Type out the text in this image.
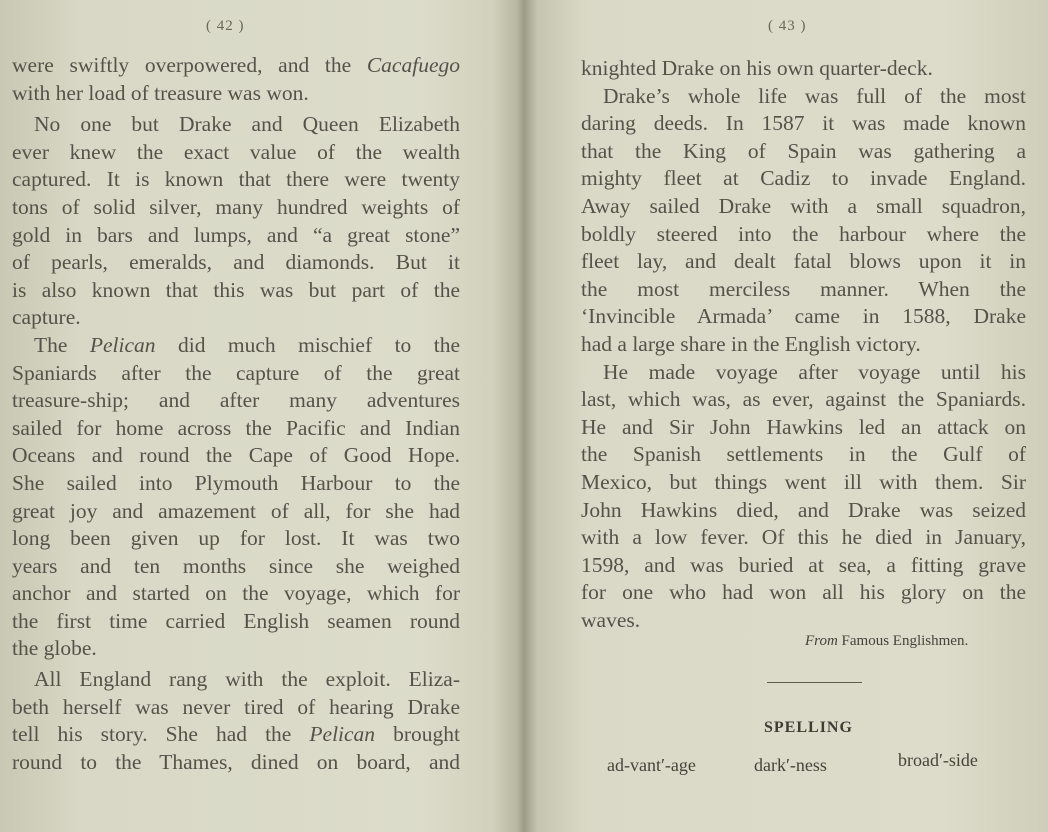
( 42 )
were swiftly overpowered, and the Cacafuego
with her load of treasure was won.
No one but Drake and Queen Elizabeth
ever knew the exact value of the wealth
captured. It is known that there were twenty
tons of solid silver, many hundred weights of
gold in bars and lumps, and “a great stone”
of pearls, emeralds, and diamonds. But it
is also known that this was but part of the
capture.
The Pelican did much mischief to the
Spaniards after the capture of the great
treasure-ship; and after many adventures
sailed for home across the Pacific and Indian
Oceans and round the Cape of Good Hope.
She sailed into Plymouth Harbour to the
great joy and amazement of all, for she had
long been given up for lost. It was two
years and ten months since she weighed
anchor and started on the voyage, which for
the first time carried English seamen round
the globe.
All England rang with the exploit. Eliza-
beth herself was never tired of hearing Drake
tell his story. She had the Pelican brought
round to the Thames, dined on board, and
( 43 )
knighted Drake on his own quarter-deck.
Drake’s whole life was full of the most
daring deeds. In 1587 it was made known
that the King of Spain was gathering a
mighty fleet at Cadiz to invade England.
Away sailed Drake with a small squadron,
boldly steered into the harbour where the
fleet lay, and dealt fatal blows upon it in
the most merciless manner. When the
‘Invincible Armada’ came in 1588, Drake
had a large share in the English victory.
He made voyage after voyage until his
last, which was, as ever, against the Spaniards.
He and Sir John Hawkins led an attack on
the Spanish settlements in the Gulf of
Mexico, but things went ill with them. Sir
John Hawkins died, and Drake was seized
with a low fever. Of this he died in January,
1598, and was buried at sea, a fitting grave
for one who had won all his glory on the
waves.
From Famous Englishmen.
SPELLING
ad-vant′-age	dark′-ness	broad′-side
